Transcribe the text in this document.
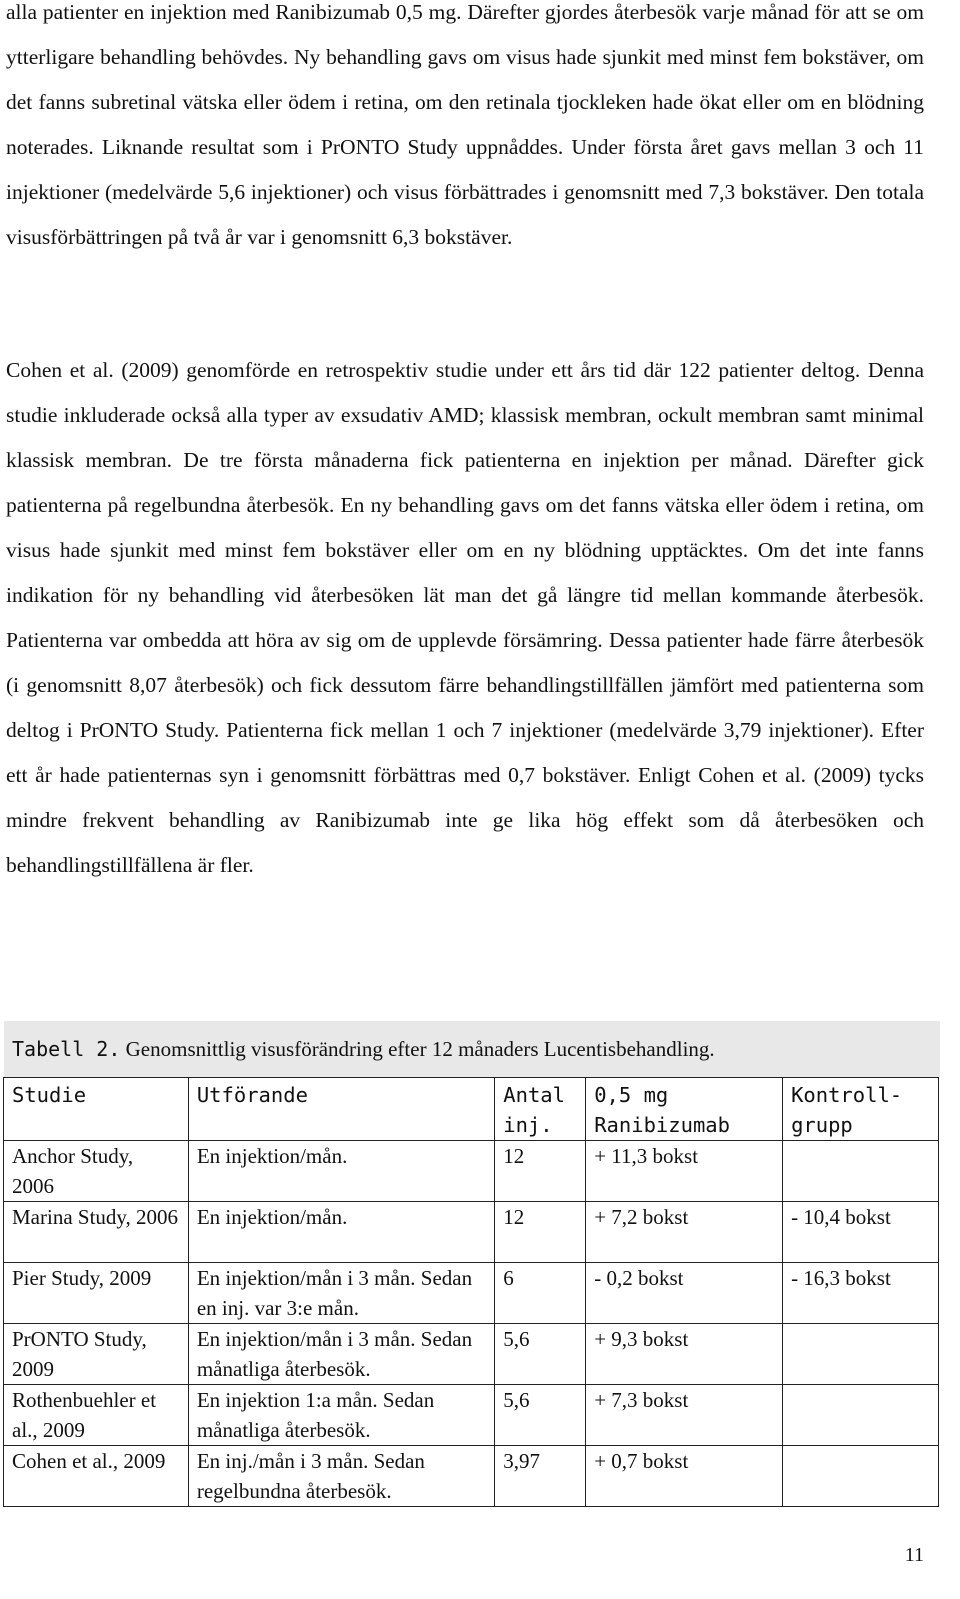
alla patienter en injektion med Ranibizumab 0,5 mg. Därefter gjordes återbesök varje månad för att se om ytterligare behandling behövdes. Ny behandling gavs om visus hade sjunkit med minst fem bokstäver, om det fanns subretinal vätska eller ödem i retina, om den retinala tjockleken hade ökat eller om en blödning noterades. Liknande resultat som i PrONTO Study uppnåddes. Under första året gavs mellan 3 och 11 injektioner (medelvärde 5,6 injektioner) och visus förbättrades i genomsnitt med 7,3 bokstäver. Den totala visusförbättringen på två år var i genomsnitt 6,3 bokstäver.

Cohen et al. (2009) genomförde en retrospektiv studie under ett års tid där 122 patienter deltog. Denna studie inkluderade också alla typer av exsudativ AMD; klassisk membran, ockult membran samt minimal klassisk membran. De tre första månaderna fick patienterna en injektion per månad. Därefter gick patienterna på regelbundna återbesök. En ny behandling gavs om det fanns vätska eller ödem i retina, om visus hade sjunkit med minst fem bokstäver eller om en ny blödning upptäcktes. Om det inte fanns indikation för ny behandling vid återbesöken lät man det gå längre tid mellan kommande återbesök. Patienterna var ombedda att höra av sig om de upplevde försämring. Dessa patienter hade färre återbesök (i genomsnitt 8,07 återbesök) och fick dessutom färre behandlingstillfällen jämfört med patienterna som deltog i PrONTO Study. Patienterna fick mellan 1 och 7 injektioner (medelvärde 3,79 injektioner). Efter ett år hade patienternas syn i genomsnitt förbättras med 0,7 bokstäver. Enligt Cohen et al. (2009) tycks mindre frekvent behandling av Ranibizumab inte ge lika hög effekt som då återbesöken och behandlingstillfällena är fler.

Tabell 2. Genomsnittlig visusförändring efter 12 månaders Lucentisbehandling.
Studie	Utförande	Antal inj.	0,5 mg Ranibizumab	Kontroll-grupp
Anchor Study, 2006	En injektion/mån.	12	+ 11,3 bokst	
Marina Study, 2006	En injektion/mån.	12	+ 7,2 bokst	- 10,4 bokst
Pier Study, 2009	En injektion/mån i 3 mån. Sedan en inj. var 3:e mån.	6	- 0,2 bokst	- 16,3 bokst
PrONTO Study, 2009	En injektion/mån i 3 mån. Sedan månatliga återbesök.	5,6	+ 9,3 bokst	
Rothenbuehler et al., 2009	En injektion 1:a mån. Sedan månatliga återbesök.	5,6	+ 7,3 bokst	
Cohen et al., 2009	En inj./mån i 3 mån. Sedan regelbundna återbesök.	3,97	+ 0,7 bokst	
11
